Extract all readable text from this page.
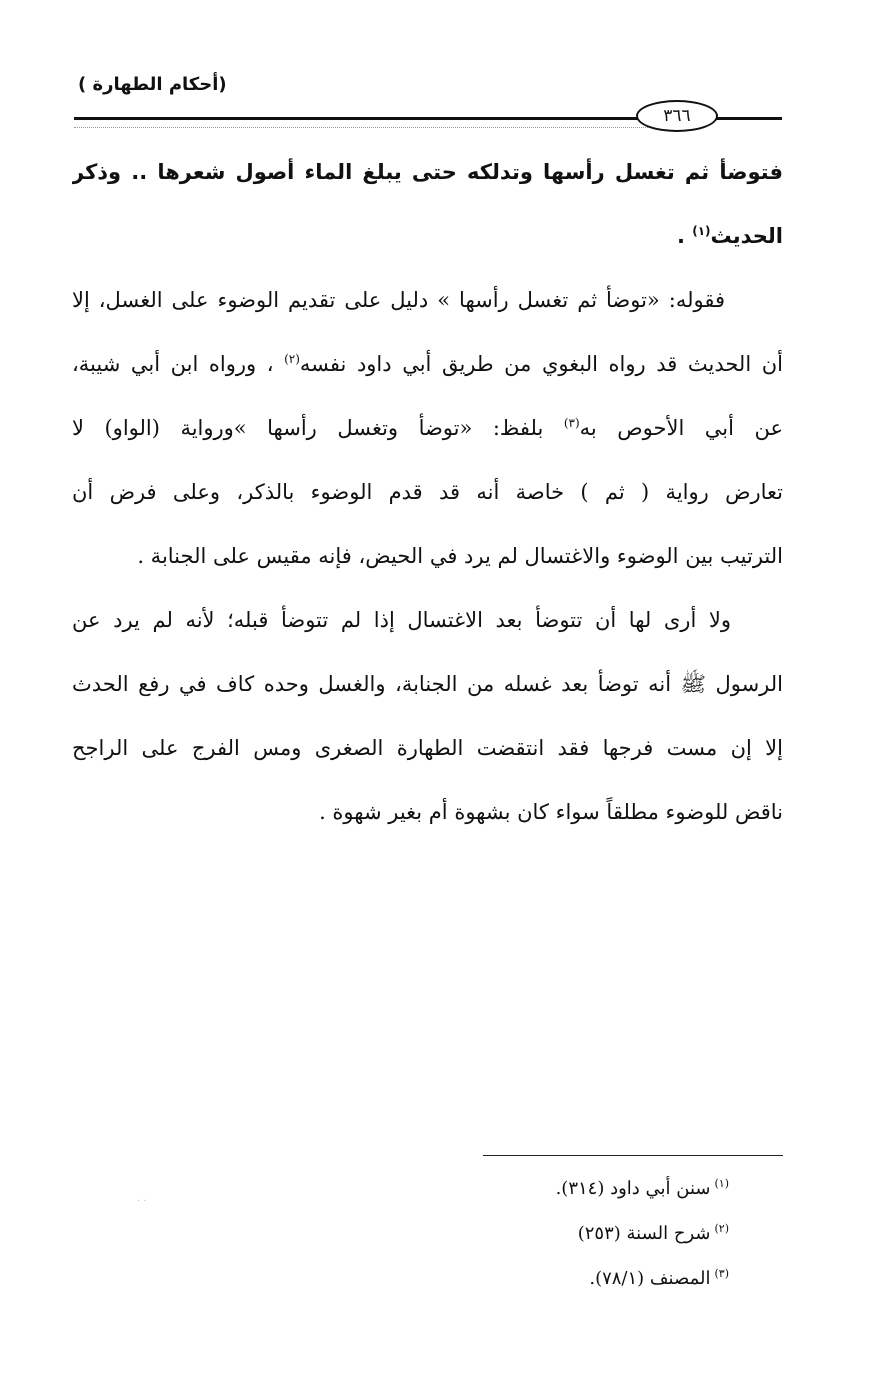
(أحكام الطهارة )
٣٦٦
فتوضأ ثم تغسل رأسها وتدلكه حتى يبلغ الماء أصول شعرها .. وذكر
الحديث$^{(١)}$ .
فقوله: «توضأ ثم تغسل رأسها » دليل على تقديم الوضوء على الغسل، إلا
أن الحديث قد رواه البغوي من طريق أبي داود نفسه$^{(٢)}$ ، ورواه ابن أبي شيبة،
عن أبي الأحوص به$^{(٣)}$ بلفظ: «توضأ وتغسل رأسها »ورواية (الواو) لا
تعارض رواية ( ثم ) خاصة أنه قد قدم الوضوء بالذكر، وعلى فرض أن
الترتيب بين الوضوء والاغتسال لم يرد في الحيض، فإنه مقيس على الجنابة .
ولا أرى لها أن تتوضأ بعد الاغتسال إذا لم تتوضأ قبله؛ لأنه لم يرد عن
الرسول ﷺ أنه توضأ بعد غسله من الجنابة، والغسل وحده كاف في رفع الحدث
إلا إن مست فرجها فقد انتقضت الطهارة الصغرى ومس الفرج على الراجح
ناقض للوضوء مطلقاً سواء كان بشهوة أم بغير شهوة .
· ·
$^{(١)}$سنن أبي داود (٣١٤).
$^{(٢)}$شرح السنة (٢٥٣)
$^{(٣)}$المصنف (٧٨/١).
